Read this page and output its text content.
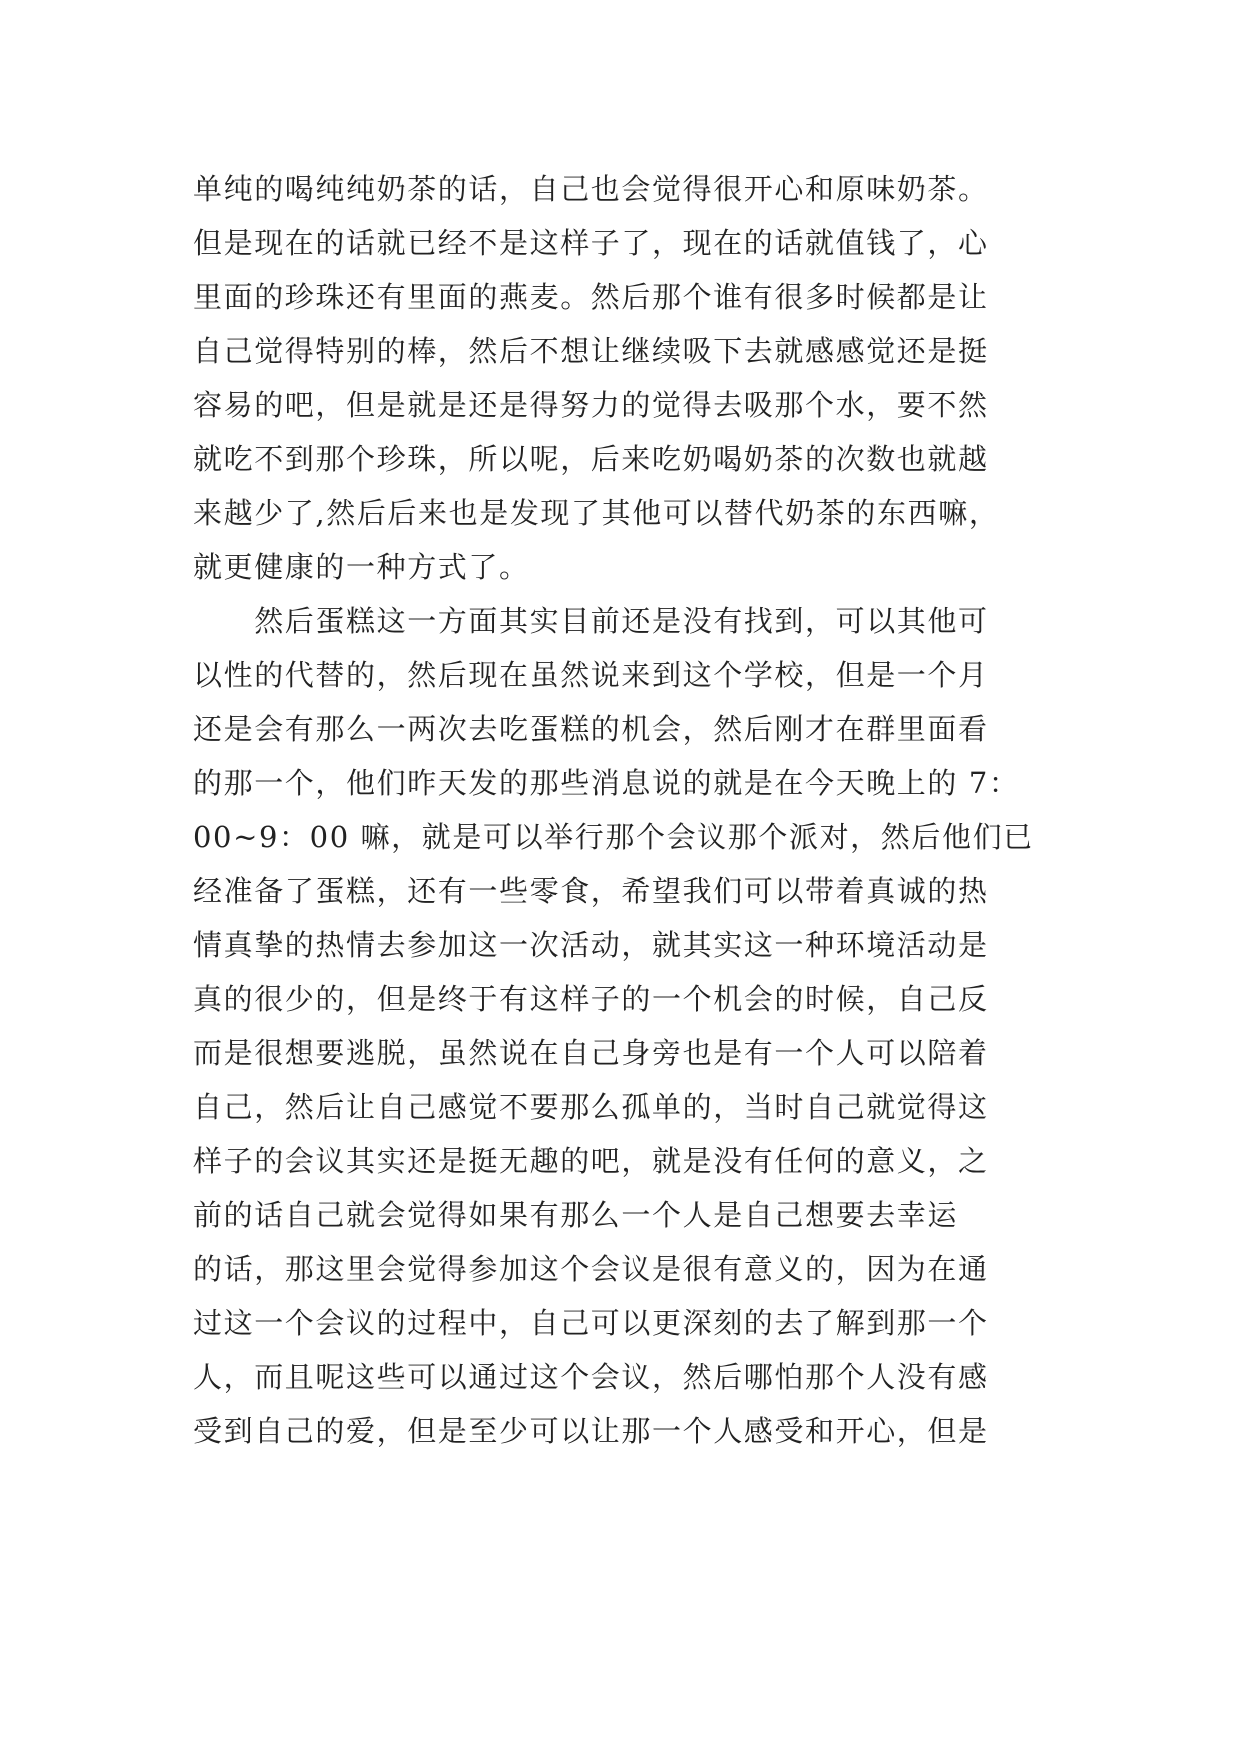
单纯的喝纯纯奶茶的话，自己也会觉得很开心和原味奶茶。
但是现在的话就已经不是这样子了，现在的话就值钱了，心
里面的珍珠还有里面的燕麦。然后那个谁有很多时候都是让
自己觉得特别的棒，然后不想让继续吸下去就感感觉还是挺
容易的吧，但是就是还是得努力的觉得去吸那个水，要不然
就吃不到那个珍珠，所以呢，后来吃奶喝奶茶的次数也就越
来越少了,然后后来也是发现了其他可以替代奶茶的东西嘛，
就更健康的一种方式了。
　　然后蛋糕这一方面其实目前还是没有找到，可以其他可
以性的代替的，然后现在虽然说来到这个学校，但是一个月
还是会有那么一两次去吃蛋糕的机会，然后刚才在群里面看
的那一个，他们昨天发的那些消息说的就是在今天晚上的 7：
00~9：00 嘛，就是可以举行那个会议那个派对，然后他们已
经准备了蛋糕，还有一些零食，希望我们可以带着真诚的热
情真挚的热情去参加这一次活动，就其实这一种环境活动是
真的很少的，但是终于有这样子的一个机会的时候，自己反
而是很想要逃脱，虽然说在自己身旁也是有一个人可以陪着
自己，然后让自己感觉不要那么孤单的，当时自己就觉得这
样子的会议其实还是挺无趣的吧，就是没有任何的意义，之
前的话自己就会觉得如果有那么一个人是自己想要去幸运
的话，那这里会觉得参加这个会议是很有意义的，因为在通
过这一个会议的过程中，自己可以更深刻的去了解到那一个
人，而且呢这些可以通过这个会议，然后哪怕那个人没有感
受到自己的爱，但是至少可以让那一个人感受和开心，但是
